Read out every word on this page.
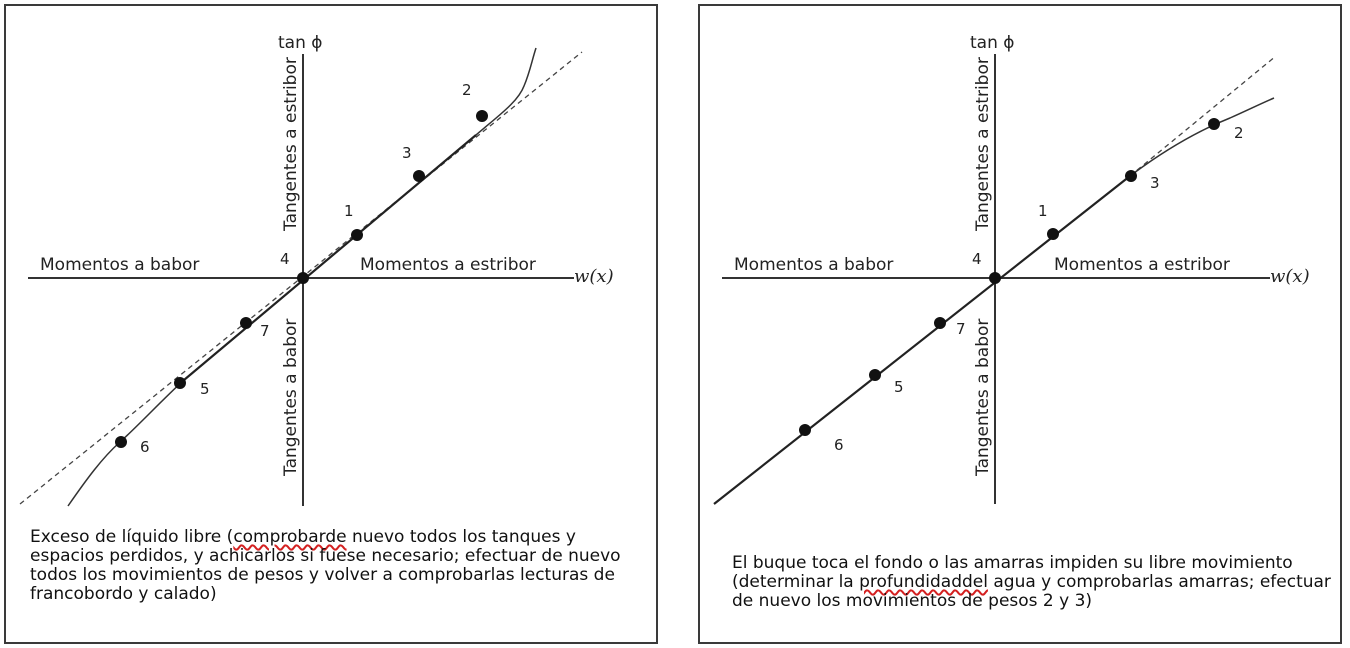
1
2
3
4
5
6
7
tan ϕ
w(x)
Momentos a babor	Momentos a estribor
Tangentes a estribor
Tangentes a babor

Exceso de líquido libre (comprobarde nuevo todos los tanques y espacios perdidos, y achicarlos si fuese necesario; efectuar de nuevo todos los movimientos de pesos y volver a comprobarlas lecturas de francobordo y calado)

1
2
3
4
5
6
7
tan ϕ
w(x)
Momentos a babor	Momentos a estribor
Tangentes a estribor
Tangentes a babor

El buque toca el fondo o las amarras impiden su libre movimiento (determinar la profundidaddel agua y comprobarlas amarras; efectuar de nuevo los movimientos de pesos 2 y 3)
